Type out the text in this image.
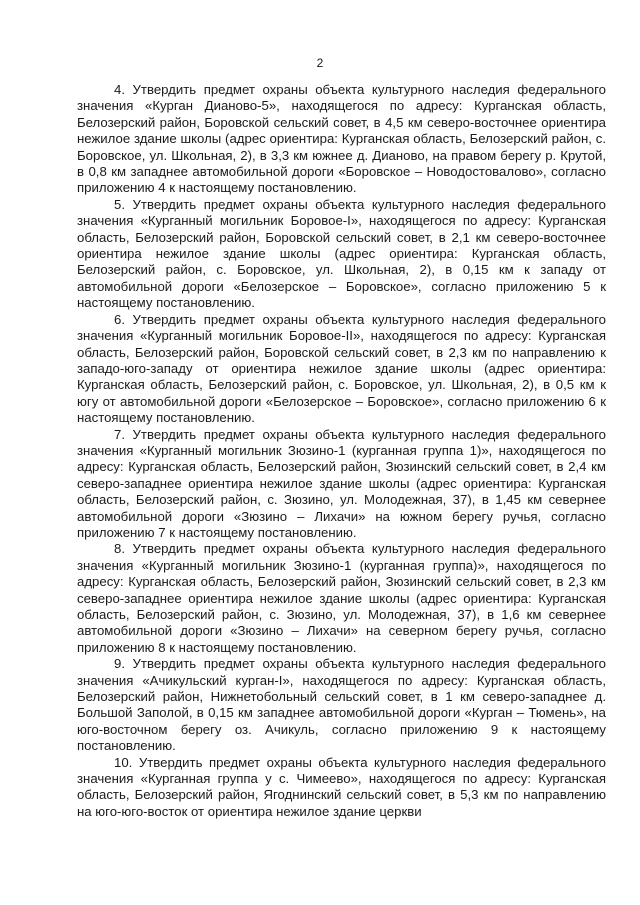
2

4. Утвердить предмет охраны объекта культурного наследия федерального значения «Курган Дианово-5», находящегося по адресу: Курганская область, Белозерский район, Боровской сельский совет, в 4,5 км северо-восточнее ориентира нежилое здание школы (адрес ориентира: Курганская область, Белозерский район, с. Боровское, ул. Школьная, 2), в 3,3 км южнее д. Дианово, на правом берегу р. Крутой, в 0,8 км западнее автомобильной дороги «Боровское – Новодостовалово», согласно приложению 4 к настоящему постановлению.

5. Утвердить предмет охраны объекта культурного наследия федерального значения «Курганный могильник Боровое-I», находящегося по адресу: Курганская область, Белозерский район, Боровской сельский совет, в 2,1 км северо-восточнее ориентира нежилое здание школы (адрес ориентира: Курганская область, Белозерский район, с. Боровское, ул. Школьная, 2), в 0,15 км к западу от автомобильной дороги «Белозерское – Боровское», согласно приложению 5 к настоящему постановлению.

6. Утвердить предмет охраны объекта культурного наследия федерального значения «Курганный могильник Боровое-II», находящегося по адресу: Курганская область, Белозерский район, Боровской сельский совет, в 2,3 км по направлению к западо-юго-западу от ориентира нежилое здание школы (адрес ориентира: Курганская область, Белозерский район, с. Боровское, ул. Школьная, 2), в 0,5 км к югу от автомобильной дороги «Белозерское – Боровское», согласно приложению 6 к настоящему постановлению.

7. Утвердить предмет охраны объекта культурного наследия федерального значения «Курганный могильник Зюзино-1 (курганная группа 1)», находящегося по адресу: Курганская область, Белозерский район, Зюзинский сельский совет, в 2,4 км северо-западнее ориентира нежилое здание школы (адрес ориентира: Курганская область, Белозерский район, с. Зюзино, ул. Молодежная, 37), в 1,45 км севернее автомобильной дороги «Зюзино – Лихачи» на южном берегу ручья, согласно приложению 7 к настоящему постановлению.

8. Утвердить предмет охраны объекта культурного наследия федерального значения «Курганный могильник Зюзино-1 (курганная группа)», находящегося по адресу: Курганская область, Белозерский район, Зюзинский сельский совет, в 2,3 км северо-западнее ориентира нежилое здание школы (адрес ориентира: Курганская область, Белозерский район, с. Зюзино, ул. Молодежная, 37), в 1,6 км севернее автомобильной дороги «Зюзино – Лихачи» на северном берегу ручья, согласно приложению 8 к настоящему постановлению.

9. Утвердить предмет охраны объекта культурного наследия федерального значения «Ачикульский курган-I», находящегося по адресу: Курганская область, Белозерский район, Нижнетобольный сельский совет, в 1 км северо-западнее д. Большой Заполой, в 0,15 км западнее автомобильной дороги «Курган – Тюмень», на юго-восточном берегу оз. Ачикуль, согласно приложению 9 к настоящему постановлению.

10. Утвердить предмет охраны объекта культурного наследия федерального значения «Курганная группа у с. Чимеево», находящегося по адресу: Курганская область, Белозерский район, Ягоднинский сельский совет, в 5,3 км по направлению на юго-юго-восток от ориентира нежилое здание церкви
